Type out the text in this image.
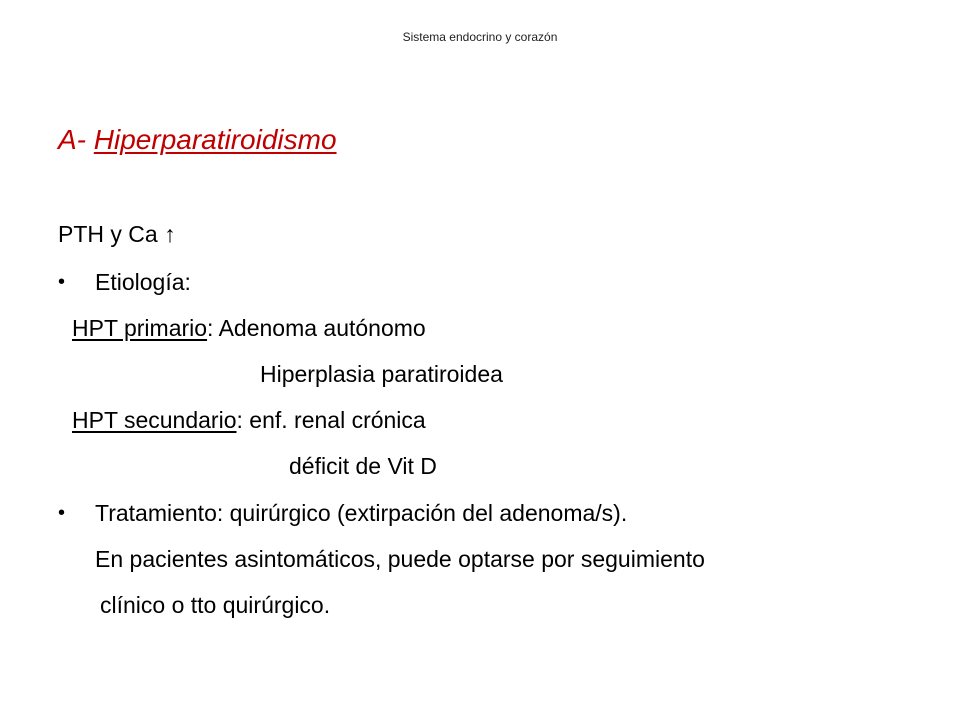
Sistema endocrino y corazón
A- Hiperparatiroidismo
PTH y Ca ↑
• Etiología:
HPT primario: Adenoma autónomo
Hiperplasia paratiroidea
HPT secundario: enf. renal crónica
déficit de Vit D
• Tratamiento: quirúrgico (extirpación del adenoma/s).
En pacientes asintomáticos, puede optarse por seguimiento
clínico o tto quirúrgico.
